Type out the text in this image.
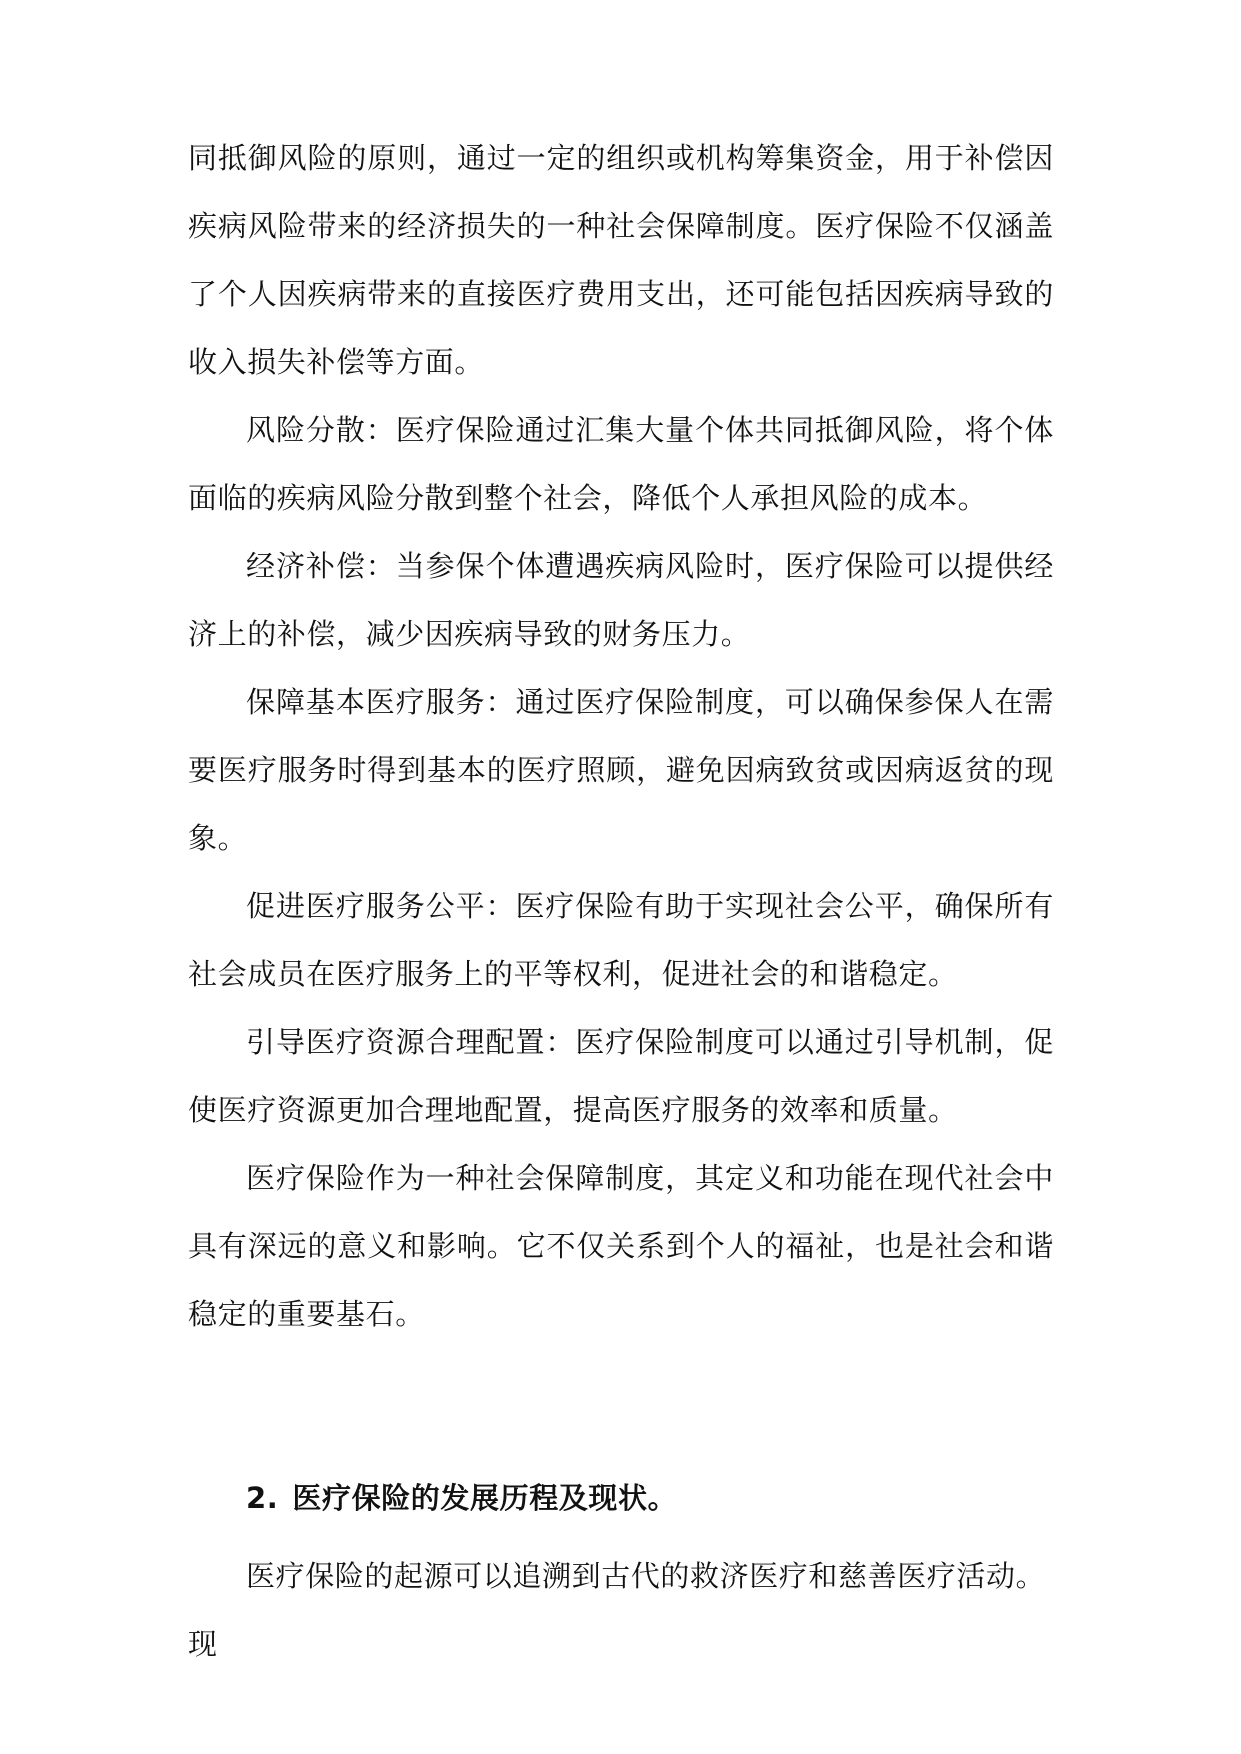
同抵御风险的原则，通过一定的组织或机构筹集资金，用于补偿因疾病风险带来的经济损失的一种社会保障制度。医疗保险不仅涵盖了个人因疾病带来的直接医疗费用支出，还可能包括因疾病导致的收入损失补偿等方面。

风险分散：医疗保险通过汇集大量个体共同抵御风险，将个体面临的疾病风险分散到整个社会，降低个人承担风险的成本。

经济补偿：当参保个体遭遇疾病风险时，医疗保险可以提供经济上的补偿，减少因疾病导致的财务压力。

保障基本医疗服务：通过医疗保险制度，可以确保参保人在需要医疗服务时得到基本的医疗照顾，避免因病致贫或因病返贫的现象。

促进医疗服务公平：医疗保险有助于实现社会公平，确保所有社会成员在医疗服务上的平等权利，促进社会的和谐稳定。

引导医疗资源合理配置：医疗保险制度可以通过引导机制，促使医疗资源更加合理地配置，提高医疗服务的效率和质量。

医疗保险作为一种社会保障制度，其定义和功能在现代社会中具有深远的意义和影响。它不仅关系到个人的福祉，也是社会和谐稳定的重要基石。

2. 医疗保险的发展历程及现状。

医疗保险的起源可以追溯到古代的救济医疗和慈善医疗活动。现
